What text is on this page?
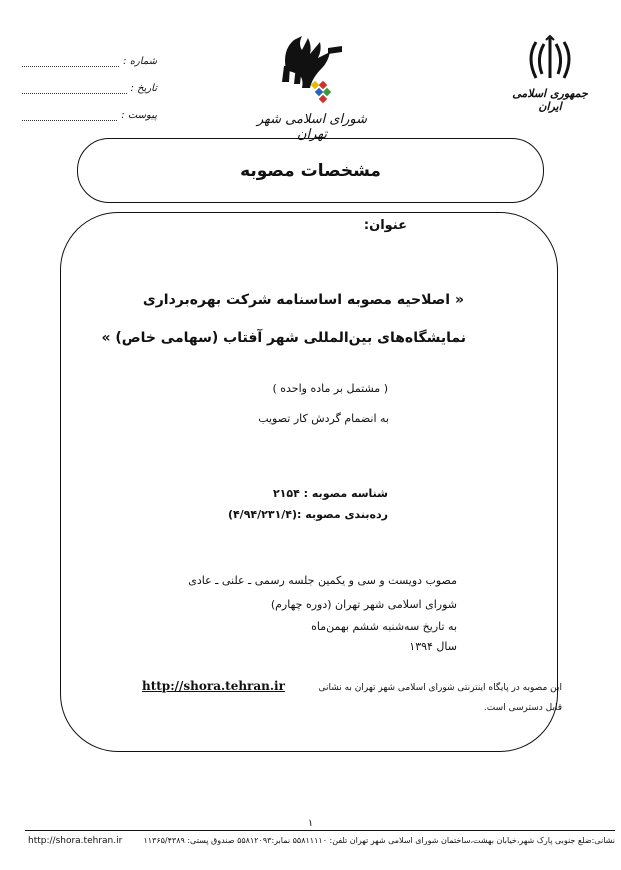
شماره :
تاریخ :
پیوست :	شورای اسلامی شهر تهران
جمهوری اسلامی ایران
مشخصات مصوبه
عنوان:
« اصلاحیه مصوبه اساسنامه شرکت بهره‌برداری
نمایشگاه‌های بین‌المللی شهر آفتاب (سهامی خاص) »
( مشتمل بر ماده واحده )
به انضمام گردش کار تصویب
شناسه مصوبه : ۲۱۵۴
رده‌بندی مصوبه :(۴/۹۴/۲۳۱/۴)
مصوب دویست و سی و یکمین جلسه رسمی ـ علنی ـ عادی
شورای اسلامی شهر تهران (دوره چهارم)
به تاریخ سه‌شنبه ششم بهمن‌ماه
سال ۱۳۹۴
این مصوبه در پایگاه اینترنتی شورای اسلامی شهر تهران به نشانی
http://shora.tehran.ir
قابل دسترسی است.
۱
http://shora.tehran.ir	نشانی:ضلع جنوبی پارک شهر،خیابان بهشت،ساختمان شورای اسلامی شهر تهران تلفن: ۵۵۸۱۱۱۱۰ نمابر:۵۵۸۱۲۰۹۳ صندوق پستی: ۱۱۳۶۵/۴۳۸۹
